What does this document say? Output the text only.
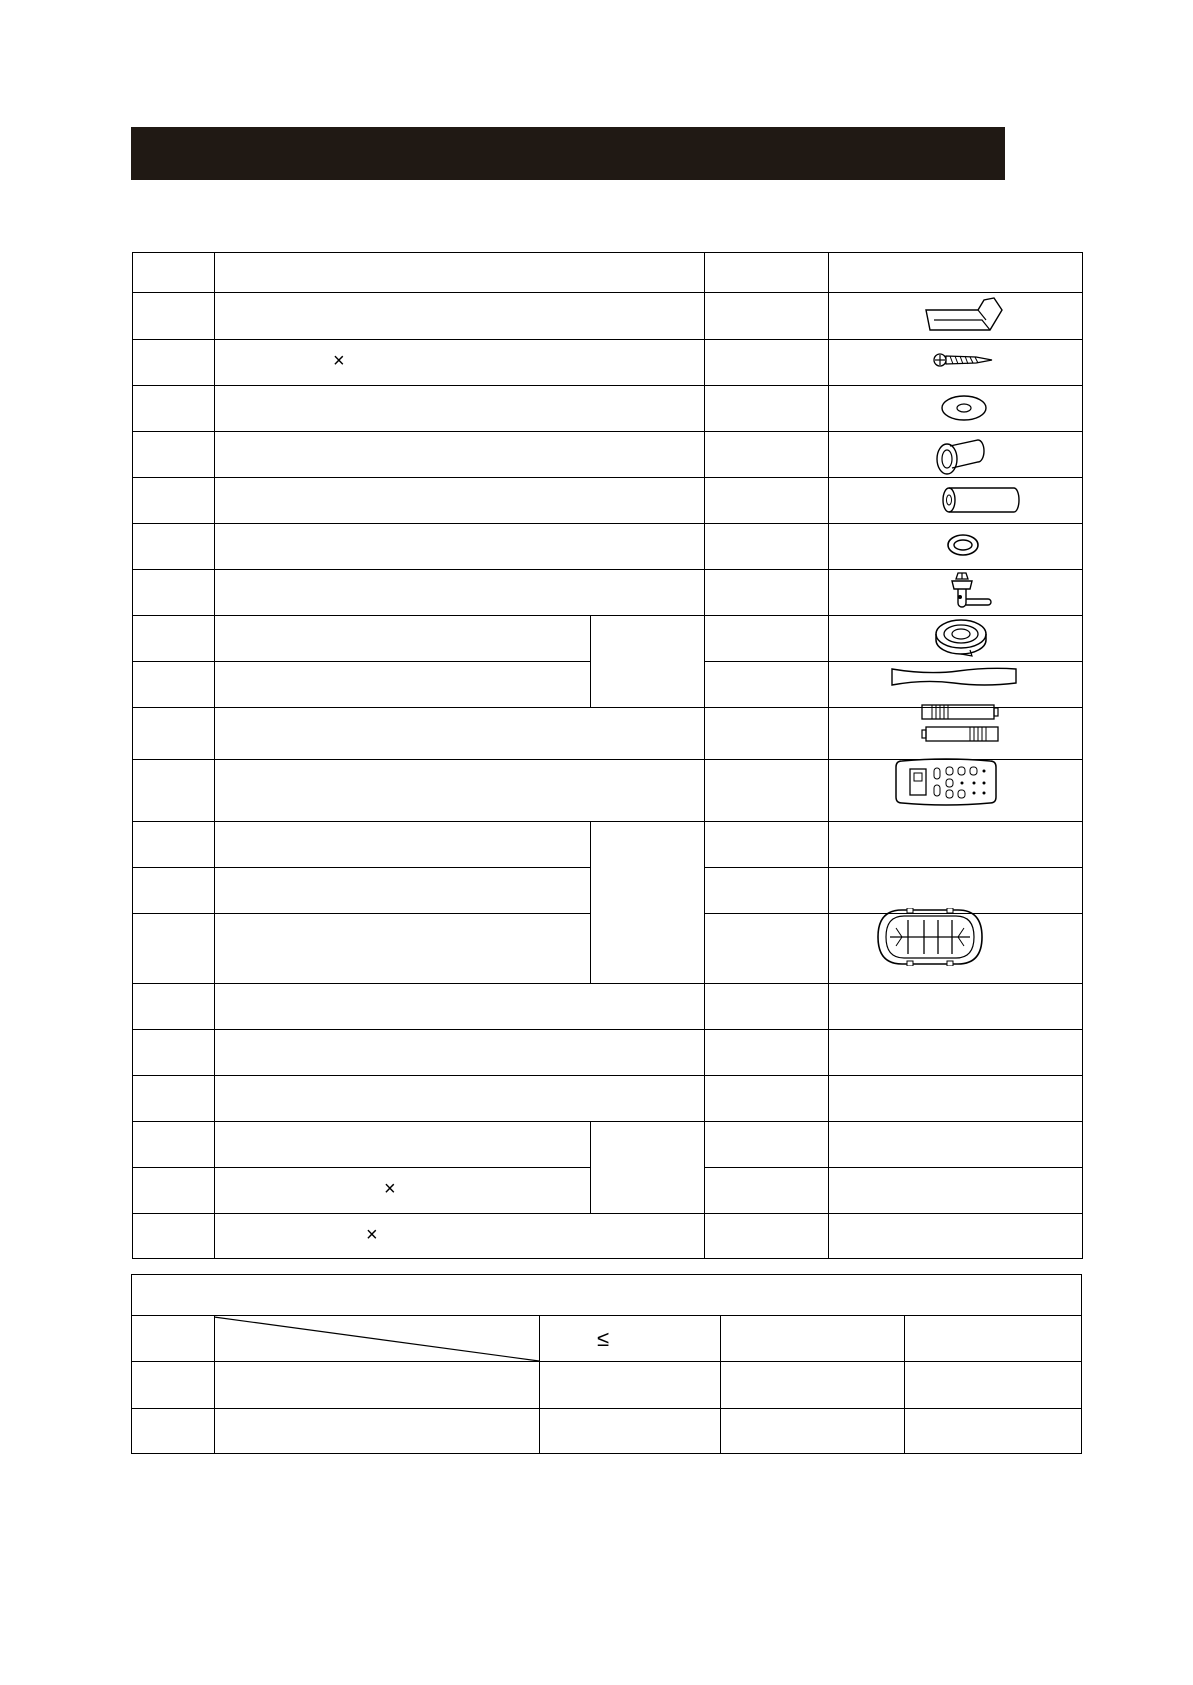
×
×
×
≤
